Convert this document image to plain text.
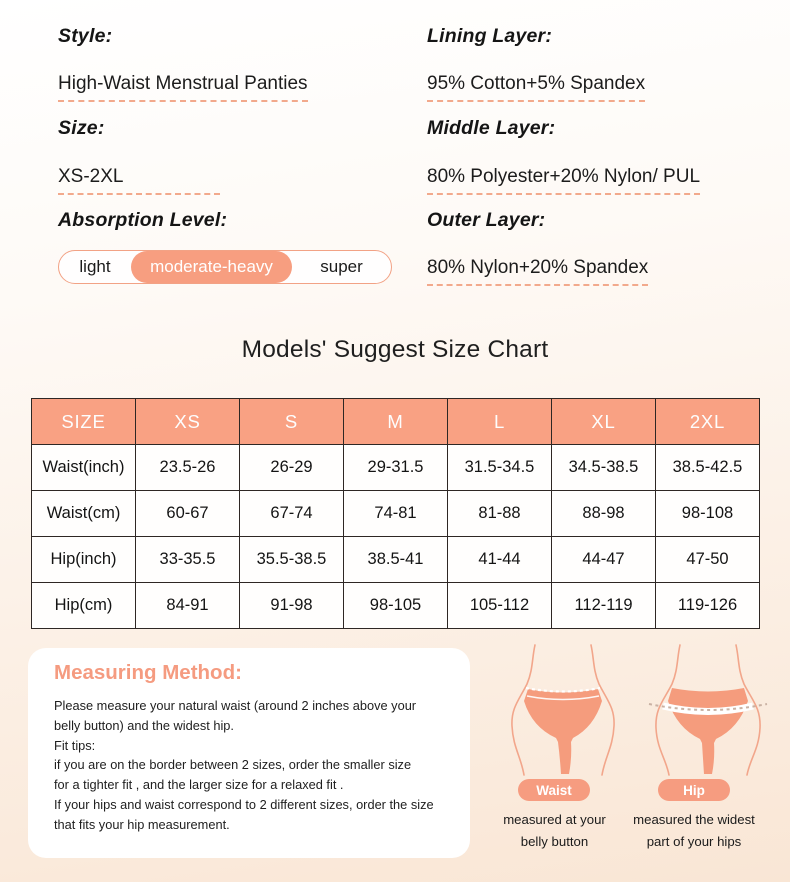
Style:
High-Waist Menstrual Panties
Size:
XS-2XL
Absorption Level:
light	moderate-heavy	super
Lining Layer:
95% Cotton+5% Spandex
Middle Layer:
80% Polyester+20% Nylon/ PUL
Outer Layer:
80% Nylon+20% Spandex
Models' Suggest Size Chart
SIZE	XS	S	M	L	XL	2XL
Waist(inch)	23.5-26	26-29	29-31.5	31.5-34.5	34.5-38.5	38.5-42.5
Waist(cm)	60-67	67-74	74-81	81-88	88-98	98-108
Hip(inch)	33-35.5	35.5-38.5	38.5-41	41-44	44-47	47-50
Hip(cm)	84-91	91-98	98-105	105-112	112-119	119-126
Measuring Method:
Please measure your natural waist (around 2 inches above your
belly button) and the widest hip.
Fit tips:
if you are on the border between 2 sizes, order the smaller size
for a tighter fit , and the larger size for a relaxed fit .
If your hips and waist correspond to 2 different sizes, order the size
that fits your hip measurement.
Waist	Hip
measured at your
belly button
measured the widest
part of your hips
